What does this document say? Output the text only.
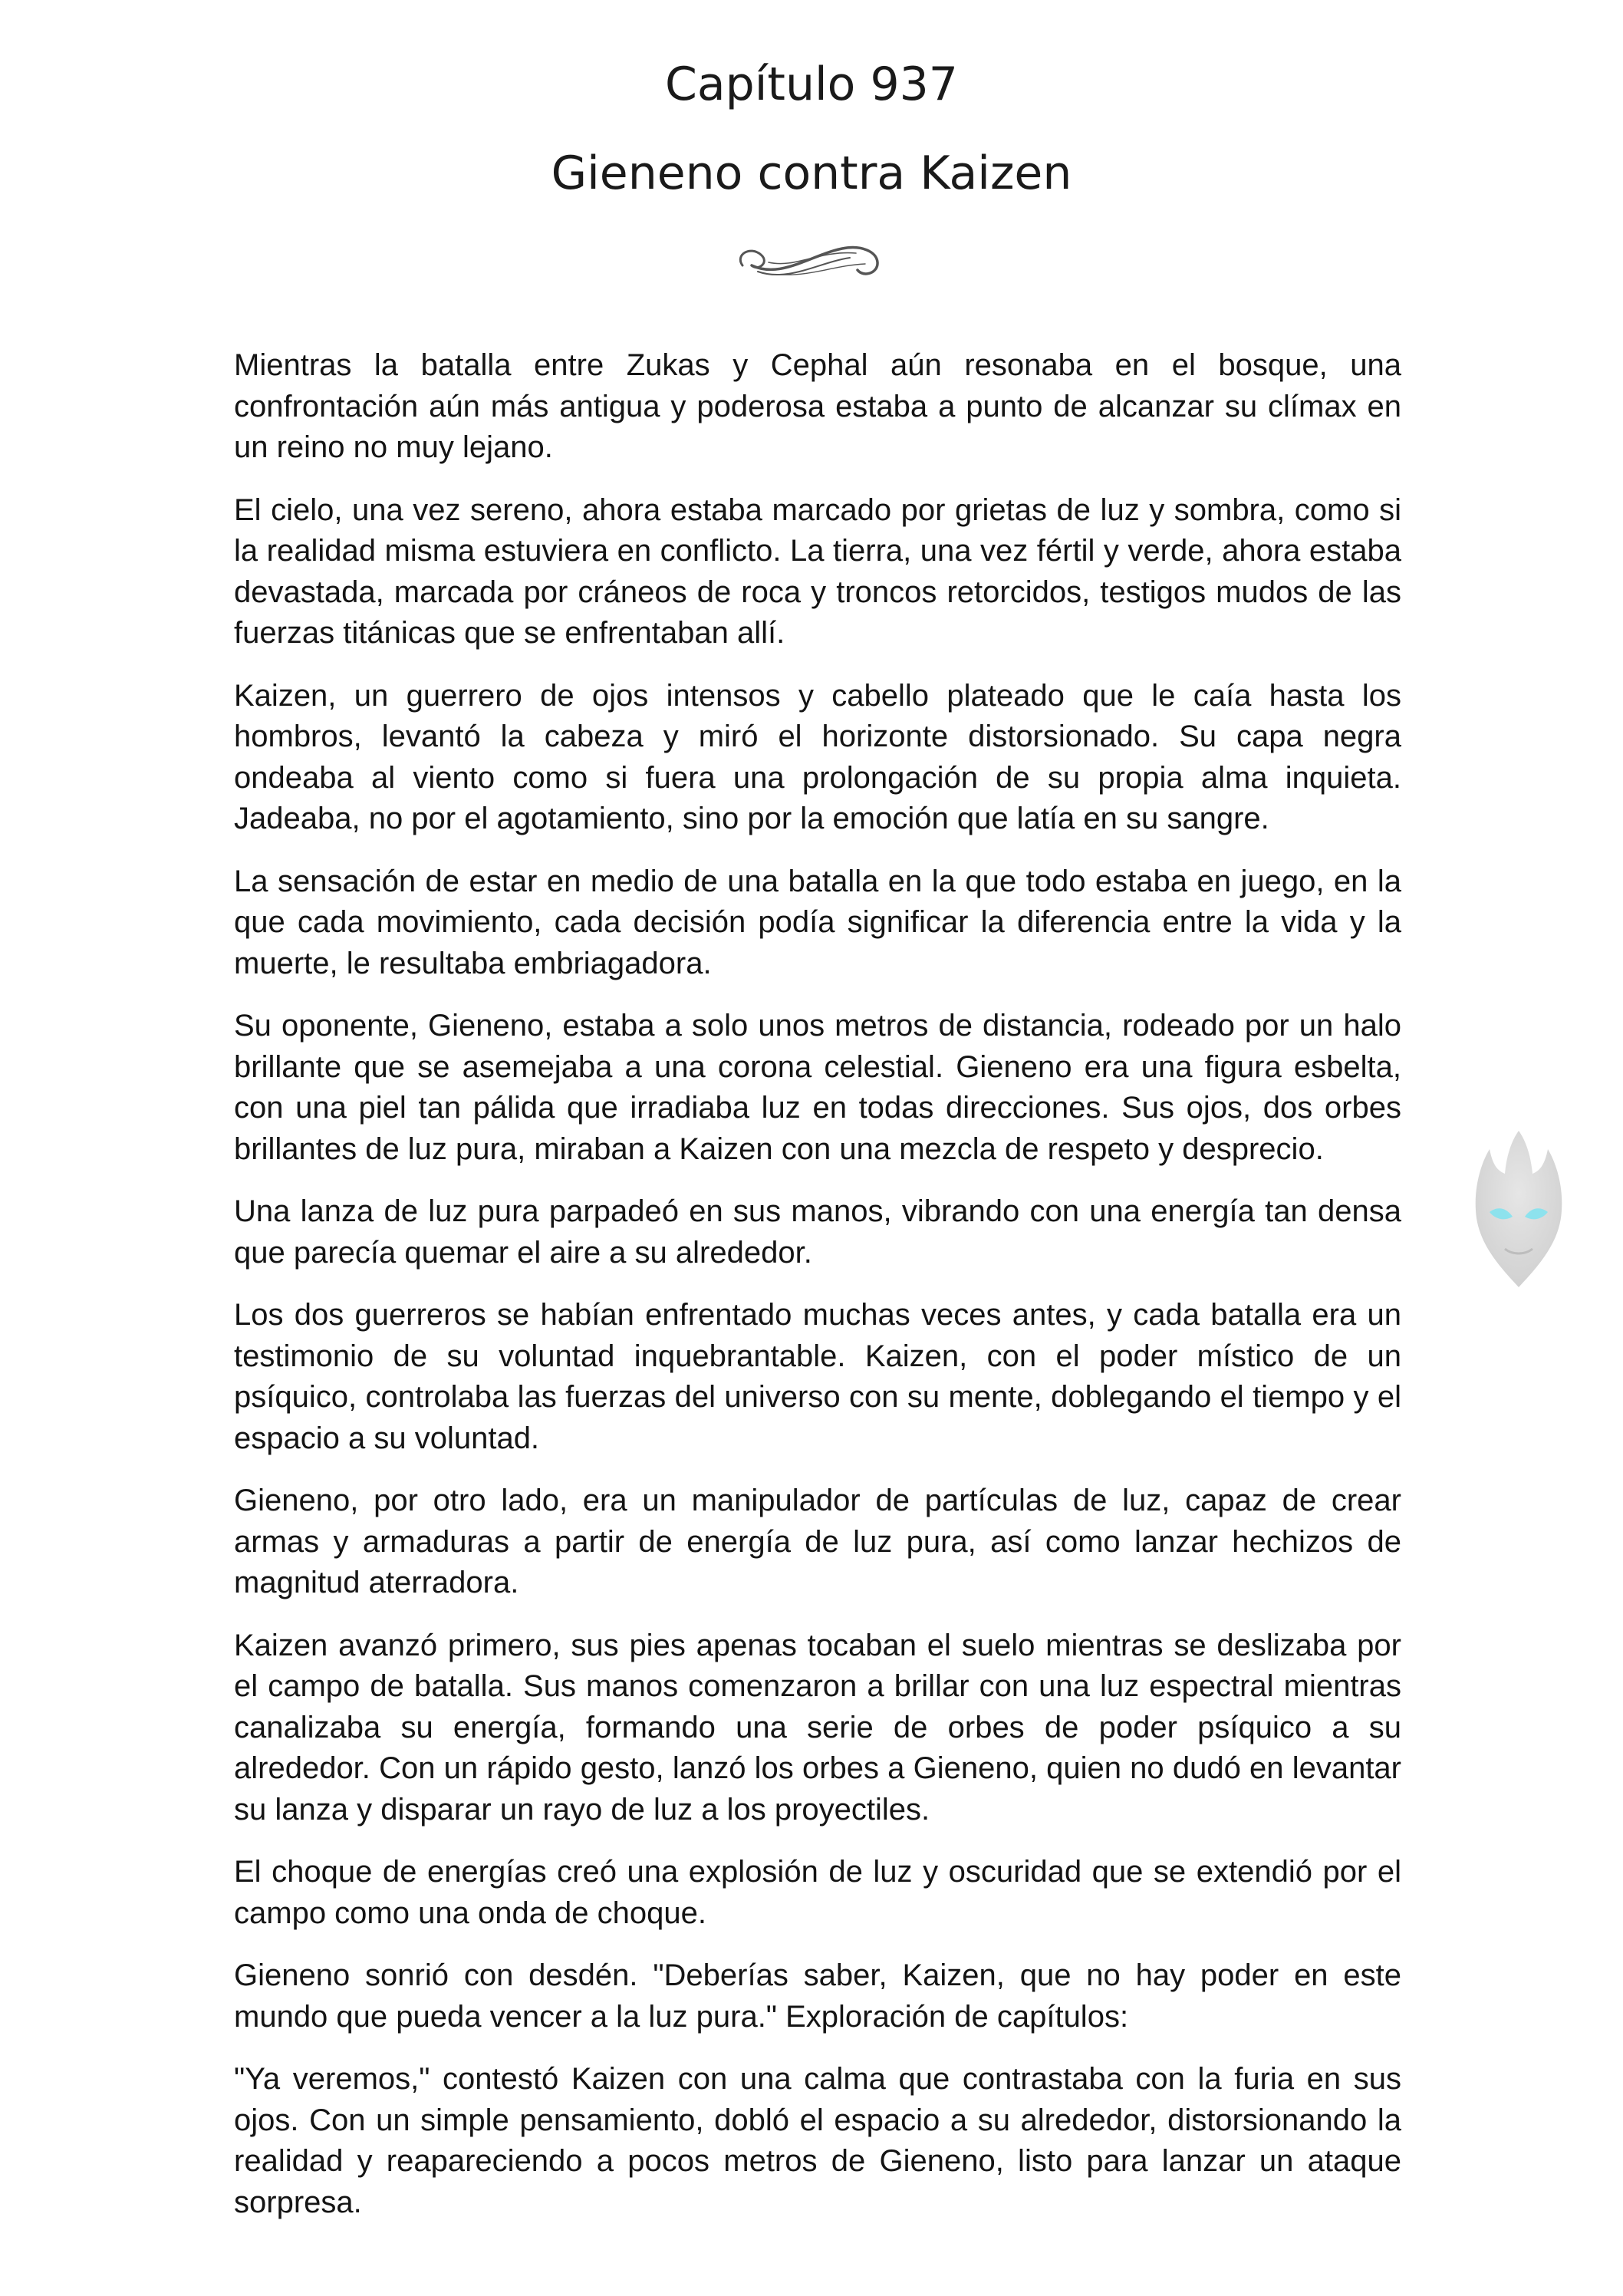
Capítulo 937
Gieneno contra Kaizen

Mientras la batalla entre Zukas y Cephal aún resonaba en el bosque, una confrontación aún más antigua y poderosa estaba a punto de alcanzar su clímax en un reino no muy lejano.

El cielo, una vez sereno, ahora estaba marcado por grietas de luz y sombra, como si la realidad misma estuviera en conflicto. La tierra, una vez fértil y verde, ahora estaba devastada, marcada por cráneos de roca y troncos retorcidos, testigos mudos de las fuerzas titánicas que se enfrentaban allí.

Kaizen, un guerrero de ojos intensos y cabello plateado que le caía hasta los hombros, levantó la cabeza y miró el horizonte distorsionado. Su capa negra ondeaba al viento como si fuera una prolongación de su propia alma inquieta. Jadeaba, no por el agotamiento, sino por la emoción que latía en su sangre.

La sensación de estar en medio de una batalla en la que todo estaba en juego, en la que cada movimiento, cada decisión podía significar la diferencia entre la vida y la muerte, le resultaba embriagadora.

Su oponente, Gieneno, estaba a solo unos metros de distancia, rodeado por un halo brillante que se asemejaba a una corona celestial. Gieneno era una figura esbelta, con una piel tan pálida que irradiaba luz en todas direcciones. Sus ojos, dos orbes brillantes de luz pura, miraban a Kaizen con una mezcla de respeto y desprecio.

Una lanza de luz pura parpadeó en sus manos, vibrando con una energía tan densa que parecía quemar el aire a su alrededor.

Los dos guerreros se habían enfrentado muchas veces antes, y cada batalla era un testimonio de su voluntad inquebrantable. Kaizen, con el poder místico de un psíquico, controlaba las fuerzas del universo con su mente, doblegando el tiempo y el espacio a su voluntad.

Gieneno, por otro lado, era un manipulador de partículas de luz, capaz de crear armas y armaduras a partir de energía de luz pura, así como lanzar hechizos de magnitud aterradora.

Kaizen avanzó primero, sus pies apenas tocaban el suelo mientras se deslizaba por el campo de batalla. Sus manos comenzaron a brillar con una luz espectral mientras canalizaba su energía, formando una serie de orbes de poder psíquico a su alrededor. Con un rápido gesto, lanzó los orbes a Gieneno, quien no dudó en levantar su lanza y disparar un rayo de luz a los proyectiles.

El choque de energías creó una explosión de luz y oscuridad que se extendió por el campo como una onda de choque.

Gieneno sonrió con desdén. "Deberías saber, Kaizen, que no hay poder en este mundo que pueda vencer a la luz pura." Exploración de capítulos:

"Ya veremos," contestó Kaizen con una calma que contrastaba con la furia en sus ojos. Con un simple pensamiento, dobló el espacio a su alrededor, distorsionando la realidad y reapareciendo a pocos metros de Gieneno, listo para lanzar un ataque sorpresa.
